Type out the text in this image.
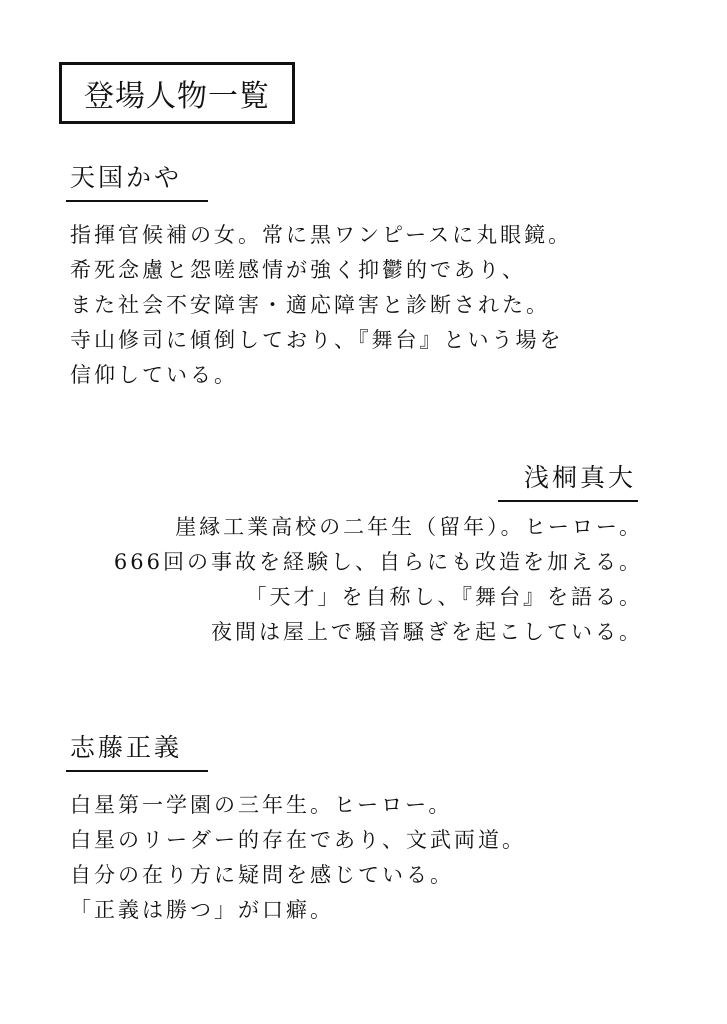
登場人物一覧
天国かや
指揮官候補の女。常に黒ワンピースに丸眼鏡。
希死念慮と怨嗟感情が強く抑鬱的であり、
また社会不安障害・適応障害と診断された。
寺山修司に傾倒しており、『舞台』という場を
信仰している。
浅桐真大
崖縁工業高校の二年生（留年）。ヒーロー。
666回の事故を経験し、自らにも改造を加える。
「天才」を自称し、『舞台』を語る。
夜間は屋上で騒音騒ぎを起こしている。
志藤正義
白星第一学園の三年生。ヒーロー。
白星のリーダー的存在であり、文武両道。
自分の在り方に疑問を感じている。
「正義は勝つ」が口癖。
